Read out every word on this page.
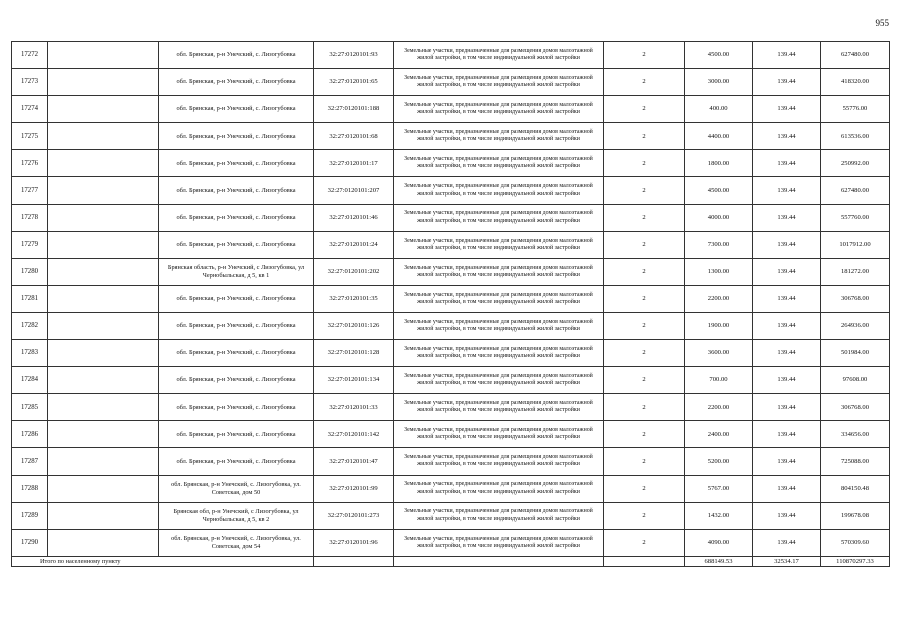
955
17272		обл. Брянская, р-н Унечский, с. Лизогубовка	32:27:0120101:93	Земельные участки, предназначенные для размещения домов малоэтажной жилой застройки, в том числе индивидуальной жилой застройки	2	4500.00	139.44	627480.00
17273		обл. Брянская, р-н Унечский, с. Лизогубовка	32:27:0120101:65	Земельные участки, предназначенные для размещения домов малоэтажной жилой застройки, в том числе индивидуальной жилой застройки	2	3000.00	139.44	418320.00
17274		обл. Брянская, р-н Унечский, с. Лизогубовка	32:27:0120101:188	Земельные участки, предназначенные для размещения домов малоэтажной жилой застройки, в том числе индивидуальной жилой застройки	2	400.00	139.44	55776.00
17275		обл. Брянская, р-н Унечский, с. Лизогубовка	32:27:0120101:68	Земельные участки, предназначенные для размещения домов малоэтажной жилой застройки, в том числе индивидуальной жилой застройки	2	4400.00	139.44	613536.00
17276		обл. Брянская, р-н Унечский, с. Лизогубовка	32:27:0120101:17	Земельные участки, предназначенные для размещения домов малоэтажной жилой застройки, в том числе индивидуальной жилой застройки	2	1800.00	139.44	250992.00
17277		обл. Брянская, р-н Унечский, с. Лизогубовка	32:27:0120101:207	Земельные участки, предназначенные для размещения домов малоэтажной жилой застройки, в том числе индивидуальной жилой застройки	2	4500.00	139.44	627480.00
17278		обл. Брянская, р-н Унечский, с. Лизогубовка	32:27:0120101:46	Земельные участки, предназначенные для размещения домов малоэтажной жилой застройки, в том числе индивидуальной жилой застройки	2	4000.00	139.44	557760.00
17279		обл. Брянская, р-н Унечский, с. Лизогубовка	32:27:0120101:24	Земельные участки, предназначенные для размещения домов малоэтажной жилой застройки, в том числе индивидуальной жилой застройки	2	7300.00	139.44	1017912.00
17280		Брянская область, р-н Унечский, с Лизогубовка, ул Чернобыльская, д 5, кв 1	32:27:0120101:202	Земельные участки, предназначенные для размещения домов малоэтажной жилой застройки, в том числе индивидуальной жилой застройки	2	1300.00	139.44	181272.00
17281		обл. Брянская, р-н Унечский, с. Лизогубовка	32:27:0120101:35	Земельные участки, предназначенные для размещения домов малоэтажной жилой застройки, в том числе индивидуальной жилой застройки	2	2200.00	139.44	306768.00
17282		обл. Брянская, р-н Унечский, с. Лизогубовка	32:27:0120101:126	Земельные участки, предназначенные для размещения домов малоэтажной жилой застройки, в том числе индивидуальной жилой застройки	2	1900.00	139.44	264936.00
17283		обл. Брянская, р-н Унечский, с. Лизогубовка	32:27:0120101:128	Земельные участки, предназначенные для размещения домов малоэтажной жилой застройки, в том числе индивидуальной жилой застройки	2	3600.00	139.44	501984.00
17284		обл. Брянская, р-н Унечский, с. Лизогубовка	32:27:0120101:134	Земельные участки, предназначенные для размещения домов малоэтажной жилой застройки, в том числе индивидуальной жилой застройки	2	700.00	139.44	97608.00
17285		обл. Брянская, р-н Унечский, с. Лизогубовка	32:27:0120101:33	Земельные участки, предназначенные для размещения домов малоэтажной жилой застройки, в том числе индивидуальной жилой застройки	2	2200.00	139.44	306768.00
17286		обл. Брянская, р-н Унечский, с. Лизогубовка	32:27:0120101:142	Земельные участки, предназначенные для размещения домов малоэтажной жилой застройки, в том числе индивидуальной жилой застройки	2	2400.00	139.44	334656.00
17287		обл. Брянская, р-н Унечский, с. Лизогубовка	32:27:0120101:47	Земельные участки, предназначенные для размещения домов малоэтажной жилой застройки, в том числе индивидуальной жилой застройки	2	5200.00	139.44	725088.00
17288		обл. Брянская, р-н Унечский, с. Лизогубовка, ул. Советская, дом 50	32:27:0120101:99	Земельные участки, предназначенные для размещения домов малоэтажной жилой застройки, в том числе индивидуальной жилой застройки	2	5767.00	139.44	804150.48
17289		Брянская обл, р-н Унечский, с Лизогубовка, ул Чернобыльская, д 5, кв 2	32:27:0120101:273	Земельные участки, предназначенные для размещения домов малоэтажной жилой застройки, в том числе индивидуальной жилой застройки	2	1432.00	139.44	199678.08
17290		обл. Брянская, р-н Унечский, с. Лизогубовка, ул. Советская, дом 54	32:27:0120101:96	Земельные участки, предназначенные для размещения домов малоэтажной жилой застройки, в том числе индивидуальной жилой застройки	2	4090.00	139.44	570309.60
Итого по населенному пункту						688149.53	32534.17	110870297.33
